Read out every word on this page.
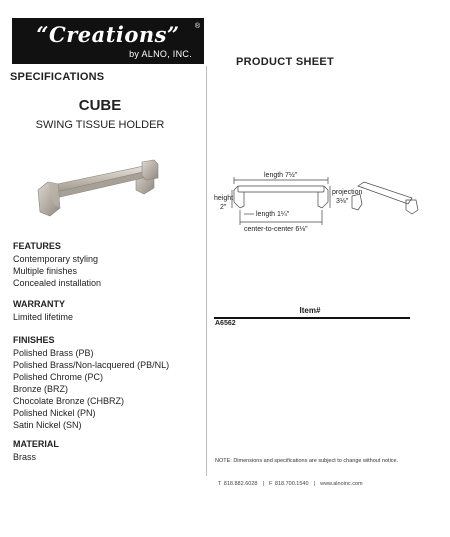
“Creations”	®
by ALNO, INC.
PRODUCT SHEET
SPECIFICATIONS
CUBE
SWING TISSUE HOLDER
FEATURES
Contemporary styling
Multiple finishes
Concealed installation
WARRANTY
Limited lifetime
FINISHES
Polished Brass (PB)
Polished Brass/Non-lacquered (PB/NL)
Polished Chrome (PC)
Bronze (BRZ)
Chocolate Bronze (CHBRZ)
Polished Nickel (PN)
Satin Nickel (SN)
MATERIAL
Brass
length 7½"
height
2"
projection
3⅛"
length 1¼"
center-to-center 6⅛"
Item#
A6562
NOTE: Dimensions and specifications are subject to change without notice.
T 818.882.6028 | F 818.700.1540 | www.alnoinc.com
